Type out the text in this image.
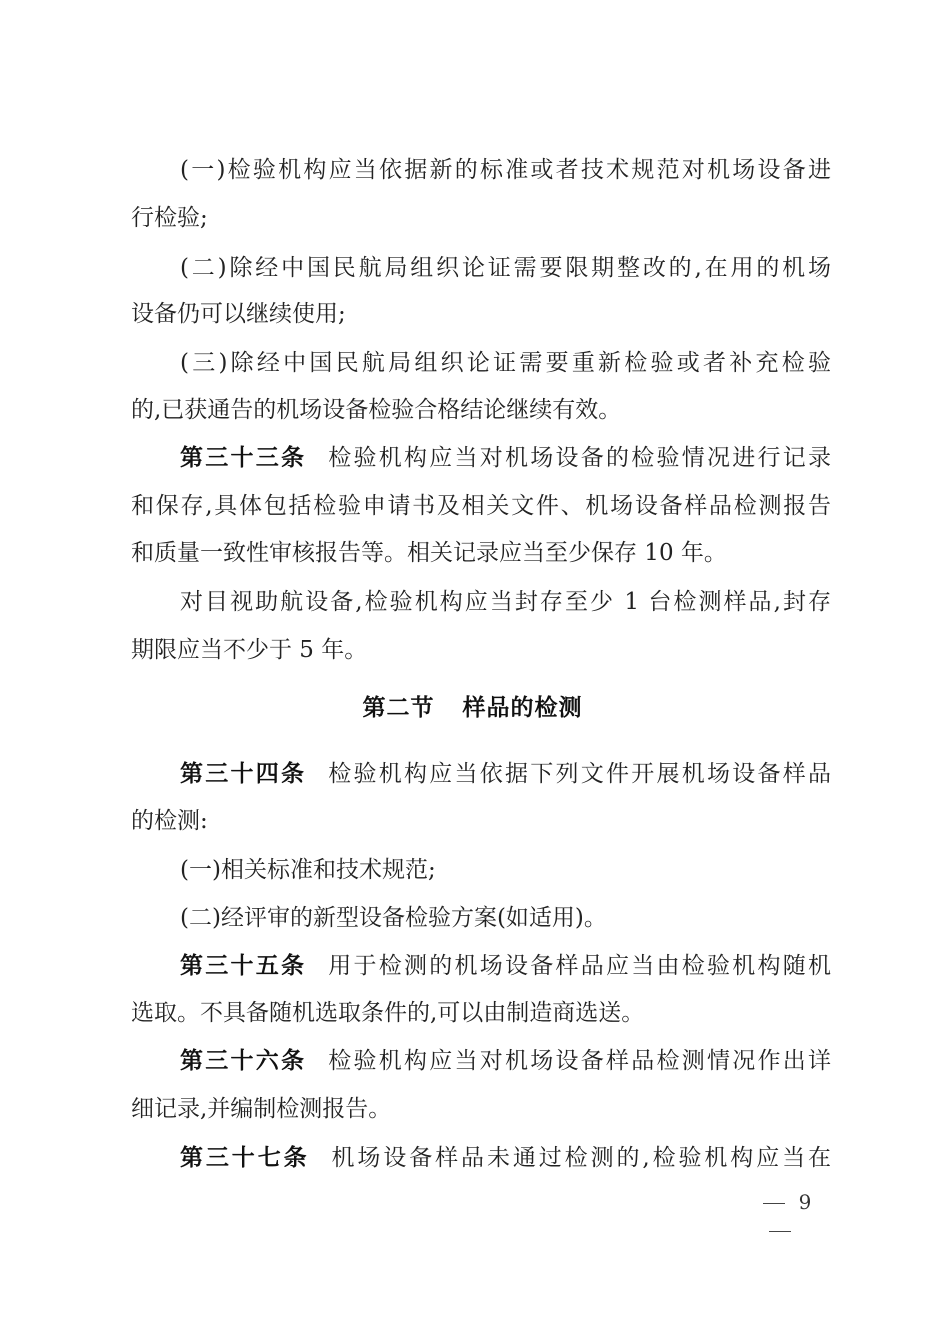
(一)检验机构应当依据新的标准或者技术规范对机场设备进
行检验;
(二)除经中国民航局组织论证需要限期整改的,在用的机场
设备仍可以继续使用;
(三)除经中国民航局组织论证需要重新检验或者补充检验
的,已获通告的机场设备检验合格结论继续有效。
第三十三条 检验机构应当对机场设备的检验情况进行记录
和保存,具体包括检验申请书及相关文件、机场设备样品检测报告
和质量一致性审核报告等。相关记录应当至少保存 10 年。
对目视助航设备,检验机构应当封存至少 1 台检测样品,封存
期限应当不少于 5 年。
第二节 样品的检测
第三十四条 检验机构应当依据下列文件开展机场设备样品
的检测:
(一)相关标准和技术规范;
(二)经评审的新型设备检验方案(如适用)。
第三十五条 用于检测的机场设备样品应当由检验机构随机
选取。不具备随机选取条件的,可以由制造商选送。
第三十六条 检验机构应当对机场设备样品检测情况作出详
细记录,并编制检测报告。
第三十七条 机场设备样品未通过检测的,检验机构应当在
9
